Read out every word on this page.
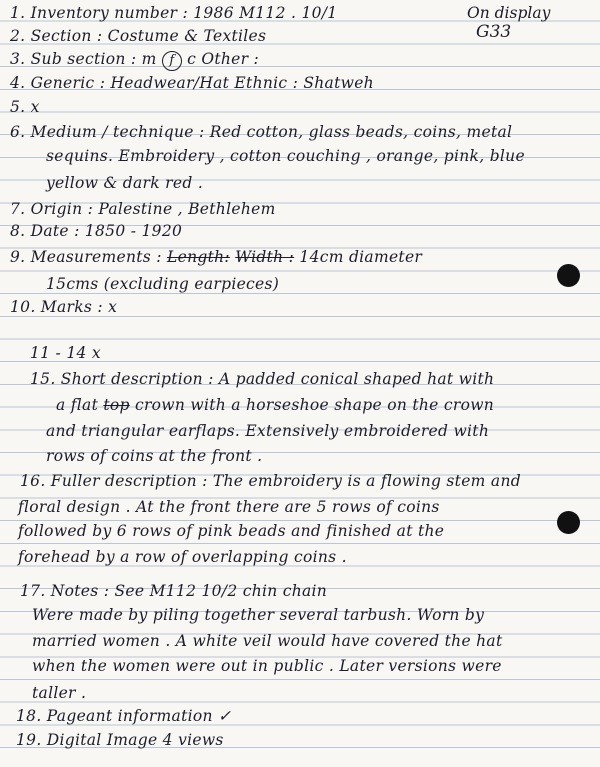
On display
G33
1. Inventory number : 1986 M112 . 10/1
2. Section : Costume & Textiles
3. Sub section : m f c Other :
4. Generic : Headwear/Hat Ethnic : Shatweh
5. x
6. Medium / technique : Red cotton, glass beads, coins, metal
sequins. Embroidery , cotton couching , orange, pink, blue
yellow & dark red .
7. Origin : Palestine , Bethlehem
8. Date : 1850 - 1920
9. Measurements : Length: Width : 14cm diameter
15cms (excluding earpieces)
10. Marks : x
11 - 14 x
15. Short description : A padded conical shaped hat with
a flat top crown with a horseshoe shape on the crown
and triangular earflaps. Extensively embroidered with
rows of coins at the front .
16. Fuller description : The embroidery is a flowing stem and
floral design . At the front there are 5 rows of coins
followed by 6 rows of pink beads and finished at the
forehead by a row of overlapping coins .
17. Notes : See M112 10/2 chin chain
Were made by piling together several tarbush. Worn by
married women . A white veil would have covered the hat
when the women were out in public . Later versions were
taller .
18. Pageant information ✓
19. Digital Image 4 views
